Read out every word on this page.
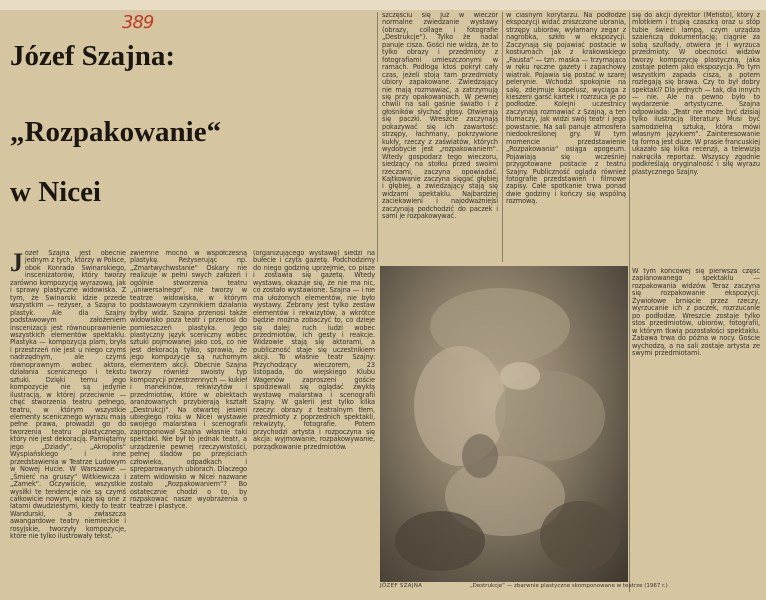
389
Józef Szajna:
„Rozpakowanie“
w Nicei
Józef Szajna jest obecnie jednym z tych, którzy w Polsce, obok Konrada Swinarskiego, inscenizatorów, który tworzy zarówno kompozycję wyrazową, jak i sprawy plastyczne widowiska. Z tym, że Swinarski idzie przede wszystkim — reżyser, a Szajna to plastyk. Ale dla Szajny podstawowym założeniem inscenizacji jest równouprawnienie wszystkich elementów spektaklu. Plastyka — kompozycja plam, bryła i przestrzeń nie jest u niego czymś nadrzędnym, ale czymś równoprawnym wobec aktora, działania scenicznego i tekstu sztuki. Dzięki temu jego kompozycje nie są jedynie ilustracją, w której przeciwnie — chęć stworzenia teatru pełnego, teatru, w którym wszystkie elementy scenicznego wyrazu mają pełne prawa, prowadzi go do tworzenia teatru plastycznego, który nie jest dekoracją. Pamiętamy jego „Dziady“, „Akropolis“ Wyspiańskiego i inne przedstawienia w Teatrze Ludowym w Nowej Hucie. W Warszawie — „Śmierć na gruszy“ Witkiewicza i „Zamek“. Oczywiście, wszystkie wysiłki te tendencje nie są czymś całkowicie nowym, wiążą się one z latami dwudziestymi, kiedy to teatr Wandurski, a zwłaszcza awangardowe teatry niemieckie i rosyjskie, tworzyły kompozycje, które nie tylko ilustrowały tekst.
zwiemne mocno w współczesną plastykę. Reżyserując np. „Zmartwychwstanie“ Oskary nie realizuje w pełni swych założeń i ogólnie stworzenia teatru „uniwersalnego“, nie tworzy w teatrze widowiska, w którym podstawowym czynnikiem działania byłby widz. Szajna przenosi także widowisko poza teatr i przenosi do pomieszczeń plastyka. Jego plastyczny język sceniczny wobec sztuki pojmowanej jako coś, co nie jest dekoracją tylko, sprawia, że jego kompozycje są ruchomym elementem akcji. Obecnie Szajna tworzy również swoisty typ kompozycji przestrzennych — kukieł i manekinów, rekwizytów i przedmiotów, które w obiektach aranżowanych przybierają kształt „Destrukcji“. Na otwartej jesieni ubiegłego roku w Nicei wystawie swojego malarstwa i scenografii zaproponował Szajna własnie taki spektakl. Nie był to jednak teatr, a urządzenie pewnej rzeczywistości, pełnej śladów po przejściach człowieka, odpadkach i spreparowanych ubiorach. Dlaczego zatem widowisko w Nicei nazwane zostało „Rozpakowaniem“? Bo ostatecznie chodzi o to, by rozpakować nasze wyobrażenia o teatrze i plastyce.
(organizującego wystawę) siedzi na bułecie i czyta gazetę. Podchodzimy do niego godzinę uprzejmie, co pisze i zostawia się gazetę. Wtedy wystawa, okazuje się, że nie ma nic, co zostało wystawione. Szajna — i nie ma ułożonych elementów, nie było wystawy. Zebrany jest tylko zestaw elementów i rekwizytów, a wkrótce będzie można zobaczyć to, co dzieje się dalej: ruch ludzi wobec przedmiotów, ich gesty i reakcje. Widzowie stają się aktorami, a publiczność staje się uczestnikiem akcji. To właśnie teatr Szajny: Przychodzący wieczorem, 23 listopada, do wiejskiego Klubu Wagenów zaproszeni goście spodziewali się oglądać zwykłą wystawę malarstwa i scenografii Szajny. W galerii jest tylko kilka rzeczy: obrazy z teatralnym tłem, przedmioty z poprzednich spektakli, rekwizyty, fotografie. Potem przychodzi artysta i rozpoczyna się akcja: wyjmowanie, rozpakowywanie, porządkowanie przedmiotów.
szczęściu się już w wieczór normalne zwiedzanie wystawy (obrazy, collage i fotografie „Destrukcje“). Tylko że nadal panuje cisza. Gości nie widzą, że to tylko obrazy i przedmioty z fotografiami umieszczonymi w ramach. Podłogę ktoś pokrył cały czas, jeżeli stoją tam przedmioty ubiory zapakowane. Zwiedzający nie mają rozmawiać, a zatrzymują się przy opakowaniach. W pewnej chwili na sali gaśnie światło i z głośników słychać głosy. Otwierają się paczki. Wreszcie zaczynają pokazywać się ich zawartość: strzępy, łachmany, pokrzywione kukły, rzeczy z zaświatów, których wydobycie jest „rozpakowaniem“. Wtedy gospodarz tego wieczoru, siedzący na stołku przed swoimi rzeczami, zaczyna opowiadać. Kajtkowanie zaczyna sięgać głębiej i głębiej, a zwiedzający stają się widzami spektaklu. Najbardziej zaciekawieni i najodważniejsi zaczynają podchodzić do paczek i sami je rozpakowywać.
w ciasnym korytarzu. Na podłodze ekspozycji widać zniszczone ubrania, strzępy ubiorów, wyłamany zegar z nagrobka, szkło w ekspozycji. Zaczynają się pojawiać postacie w kostiumach jak z krakowskiego „Fausta“ — tzn. maska — trzymająca w ręku ręczne gazety i zapachowy wiatrak. Pojawia się postać w szarej pelerynie. Wchodzi spokojnie na salę, zdejmuje kapelusz, wyciąga z kieszeni garść kartek i rozrzuca je po podłodze. Kolejni uczestnicy zaczynają rozmawiać z Szajną, a ten tłumaczy, jak widzi swój teatr i jego powstanie. Na sali panuje atmosfera niedookreślonej gry. W tym momencie przedstawienie „Rozpakowania“ osiąga apogeum. Pojawiają się wcześniej przygotowane postacie z teatru Szajny. Publiczność ogląda również fotografie przedstawień i filmowe zapisy. Całe spotkanie trwa ponad dwie godziny i kończy się wspólną rozmową.
się do akcji dyrektor (Mefisto), który z mlotkiem i trupią czaszką oraz u stóp tubie świeci lampą, czym urządza szaleńczą dokumentację; ciągnie za sobą szuflady, otwiera je i wyrzuca przedmioty. W obecności widzów tworzy kompozycję plastyczną, jaka zostaje potem jako ekspozycja. Po tym wszystkim zapada cisza, a potem rozlegają się brawa. Czy to był dobry spektakl? Dla jednych — tak, dla innych — nie. Ale na pewno było to wydarzenie artystyczne. Szajna odpowiada: „Teatr nie może być dzisiaj tylko ilustracją literatury. Musi być samodzielną sztuką, która mówi własnym językiem“. Zainteresowanie tą formą jest duże. W prasie francuskiej ukazało się kilka recenzji, a telewizja nakręciła reportaż. Wszyscy zgodnie podkreślają oryginalność i siłę wyrazu plastycznego Szajny.
W tym końcowej się pierwsza część zaplanowanego spektaklu — rozpakowania widzów. Teraz zaczyna się rozpakowanie ekspozycji. Żywiołowe brnięcie przez rzeczy, wyrzucanie ich z paczek, rozrzucanie po podłodze. Wreszcie zostaje tylko stos przedmiotów, ubiorów, fotografii, w którym tkwią pozostałości spektaklu. Zabawa trwa do późna w nocy. Goście wychodzą, a na sali zostaje artysta ze swymi przedmiotami.
JÓZEF SZAJNA	„Destrukcje“ — zbarwnie plastyczne skomponowane w teatrze (1967 r.)
